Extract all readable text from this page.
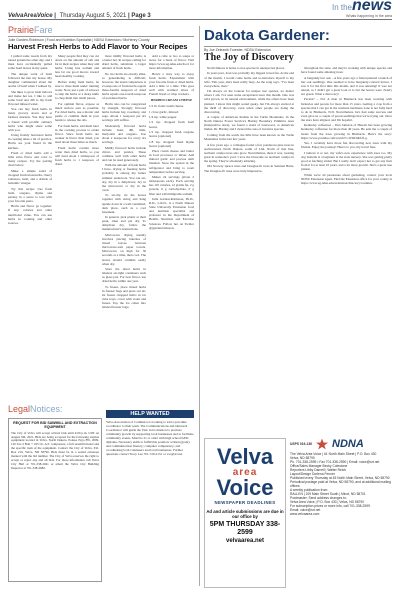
VelvaAreaVoice | Thursday August 5, 2021 | Page 3
In thenews
Whats happening in the area
PrairieFare
Julie Garden-Robinson | Food and Nutrition Specialist | NDSU Extension / McHenry County
Harvest Fresh Herbs to Add Flavor to Your Recipes

I pulled some weeds from my raised garden the other day, and I must have accidentally pulled some basil leaves in my quest.

The unique scent of basil followed me into my house. My daughter commented about the aroma of basil when I walked by.

She likes to grow basil indoors and make her tea. I like to add some basil and dill to my fresh flavored infused water.

You can buy fresh herbs in many grocery stores and at farmers markets. You may have a friend with prolific culinary herbs who might share some with you.

Using freshly harvested herbs in cooking takes a bit of practice. Herbs are your friend in the kitchen.

Fresh or dried herbs add a little extra flavor and color to many recipes. Try the pairing chart below.

Make a simple salad of chopped fresh mozzarella, cherry tomatoes, basil, and a drizzle of balsamic vinegar.

Try this recipe: Use fresh basil, oregano, thyme and parsley in a sauce to toss with your favorite pasta.

Herbs and flavor go together. If any, calories and other nutritional value. You can use herbs in cooking and other sources.

Many people find they can cut down on the amount of salt and fat in their recipes when they add herbs. Using less sodium and less fat are good moves toward heart-healthy cooking.

Before using fresh herbs, be sure to rinse them under running water. Now, use a pair of scissors to snip the herbs or a sharp knife to chop them into small pieces.

For optimal flavor, expose as much surface area as possible. For dried herbs, use a mortar and pestle or crumble them in your hands to release the oils.

For fresh herbs, add them later in the cooking process to retain flavor. Since fresh herbs are weaker in flavor than dried, you need about three times as much.

Fresh herbs contain more water than dried herbs, so you will need about 1 tablespoon of fresh herbs to 1 teaspoon of dried.

more mildly flavored herbs is a better bet. In recipes calling for dried herbs, substitute a larger amount of fresh herbs.

No two herbs are exactly alike, so generalizing is difficult; however, the usual comparison is 2 teaspoons of fresh herbs equals three-fourths teaspoon of dried herbs equals one-fourth teaspoon of powdered herbs.

Herbs also can be categorized by strength. Strongly flavored herbs include bay, rosemary, and sage. About 1 teaspoon per six servings will suffice.

Moderately flavored herbs include basil, dill, mint, marjoram and oregano. Use about 2 teaspoons for every six servings.

Mildly flavored herbs include chives and parsley. These combine well with other herbs and can be used generously.

With the amount of fresh herbs I have, drying or freezing herbs probably is among my future summer endeavors. You can air-dry, dry in a dehydrator, dry in the microwave or dry in the oven.

To air-dry, tie the leaves together with string and hang upside down in a well-ventilated, dark place, such as a cool basement.

In general, pick plants at their peak, rinse and pat dry. To dehydrate dry, follow the manufacturer's instructions.

Microwave drying usually involves placing bunches of rinsed leaves between microwave-safe paper towels. Microwave on high for 30 seconds at a time, then cool. The leaves should crumble easily when dry.

Store the dried herbs in labeled, air-tight containers such as glass jars. For best flavor, use dried herbs within one year.

To freeze, place rinsed herbs in freezer bags and press out air. Or freeze chopped herbs in ice cube trays, cover with water and freeze. Pop the ice cubes into labeled freezer bags.

Add a cube or two to soups or stews for a burst of flavor. Visit https://www.ag.ndsu.edu/food for more information.

Here's a tasty way to enjoy fresh herbs. Experiment with your favorite fresh or dried herbs. Add a little at a time. This goes well with warmed slices of French bread or crisp crackers.

HERBED CREAM CHEESE

1/2 lb. fresh cream cheese

1 clove garlic, minced

1/4 tsp. white pepper

1/2 tsp. chopped fresh basil leaves

1/2 tsp. chopped fresh oregano leaves (optional)

1/8 tsp. chopped fresh thyme leaves (optional)

Place cream cheese and butter in food processor or mixer. Add minced garlic and process until blended. Store the spread in the refrigerator and bring to room temperature before serving.

Makes 24 servings (about 2 tablespoons each). Each serving has 110 calories, 12 grams fat, 2 g protein, 0 g carbohydrate, 0 g fiber and 140 milligrams sodium.

Julie Garden-Robinson, Ph.D., R.D., L.R.D., is a North Dakota State University Extension food and nutrition specialist and professor in the Department of Health, Nutrition and Exercise Sciences. Follow her on Twitter @jgardenrobinson.

Dakota Gardener:
By Joe Zeleznik Forester, NDSU Extension
The Joy of Discovery

North Dakota is home to tree species in unexpected places.

In years past, Joan was probably my biggest travel fan. At the end of the month, I would come home and re-introduce myself to my wife. This year, she's been really busy. As the song says, "I've been everywhere, man."

I'm always on the lookout for unique tree species, no matter where I am. I've seen some exceptional trees this month. One was wild grown, in its natural environment, while the others have been planted. I know this might sound geeky, but I'm always excited at the thrill of discovery, even when other people are doing the discovering.

A couple of American lindens in the Turtle Mountains. In the North Dakota Forest Service's Hartley Boundary Primitive Area (Interpretive Area), we found a stand of basswood, or American linden. Dr. Hartley and I cleared the area of invasive species.

Coming from the south, the hills have been known as the Turtle Mountains in the last few years.

A few years ago, a colleague found a few ponderosa pine trees in northwestern North Dakota, south of I-94. North of that line, northern catalpa trees also grow. Nevertheless, there it was, looking great in someone's yard. I love the blossoms on northern catalpa in the spring. They're absolutely amazing.

Old Norway spruce trees and Douglas-fir trees in Sentinel Butte. The Douglas-fir trees were truly impressive.

throughout the state, and they're working with unique species and have found some amazing trees:

A burgundy bur oak – A few years ago a friend planted a bunch of bur oak seedlings. One seemed to have burgundy-colored leaves. I saw it for the first time this month, and it was amazing! It was not unreal, so I didn't get a great look at it, but the leaves were clearly not green. What a discovery!

Pecans? – No! A man in Bismarck has been working with hickories and pecans for more than 15 years. Getting a crop from a species that I can get in the northern hardiness zone is not fully hard to do in Bismarck, N.D. Nevertheless, he's had some success and even gave us a couple of pecan seedlings that we're trying out. Once the stars have aligned, and I'm hopeful.

Kentucky coffeetree – Dan Johnson of Hawaii has been growing Kentucky coffeetree for more than 40 years. He sent me a couple of beans from the trees growing in Bismarck. Here's the story: https://www.youtube.com/watch?v=W9d34bf2f-g.

Yes, I certainly have more fun discovering new trees with my friends. Enjoy the journey! Here's to you, my travel fans.

I believe it or not, my wife's new experience with trees too. My dog Isabella is a beginner at the state nursery. She was getting pretty good at fetching sticks! But I really don't expect her to get any fruit from it for at least 10 years, and a lot more growth. She's a great tree planter.

While we're all passionate about gardening, contact your local NDSU Extension agent. Find the Extension office for your county at https://www.ag.ndsu.edu/extension/directory/counties.

LegalNotices:
REQUEST FOR BID SAWMILL AND EXTRACTION EQUIPMENT
The City of Velva will accept written bids until 4:00 p.m. CDT on August 9th, 2021. Bids are being accepted for the following surplus equipment located in Velva, North Dakota. Ponsse Ergo 8W, 2009, 120 Lbs 2 Bolt + 245 Lb. A/C compressor, a full sawmill model and the specific item of the equipment. Contact the City of Velva, P.O. Box 219, Velva, ND 58790. Bids must be in a sealed envelope marked with the bid number. The City of Velva reserves the right to accept or reject any and all bids. For more information call Velva City Hall at 701-338-2041 or email the Velva City Building Inspector at 701-338-2680.
HELP WANTED
Velva Association of Commerce is looking to add a part-time coordinator to their team. The Communications and Outreach Coordinator will guide the VAC in its mission to promote community growth by supporting local businesses and to facilitate community events. Must be 21 or older with high school/GED diploma. Necessary skills to fulfill this position: written (grant) and communication fluency; computer competency; and coordinating both volunteers and local businesses. Further questions contact Stacy Lee 701-720-2131 or vac@srt.net	Velva
area
Voice
NEWSPAPER DEADLINES
Ad and article submissions are due in our office by
5PM THURSDAY 338-2599
velvaarea.net
USPS 019-136 NDNA
The Velva Area Voice | #1 North Main Street | P.O. Box 430
Velva, ND 58790
Ph. 701-338-2599 • Fax 701-338-2590 | Email: voice@srt.net
Office/Sales Manager Becky Colestone
Reporters Libby Darnell | Walter Reich
Layout/Design Dorlena Fenner
Published every Thursday at 45 North Main Street, Velva, ND 58790
Periodical postage paid at Velva, ND 58790, and at additional mailing offices.
A weekly publication from:
RALLEN | 109 Main Street South | Minot, ND 58701
Postmaster: Send address changes to:
Velva Area Voice | P.O. Box 430 | Velva, ND 58790
For subscription prices or more info, call 701-338-2599
Email: voice@srt.net
www.velvaarea.com
